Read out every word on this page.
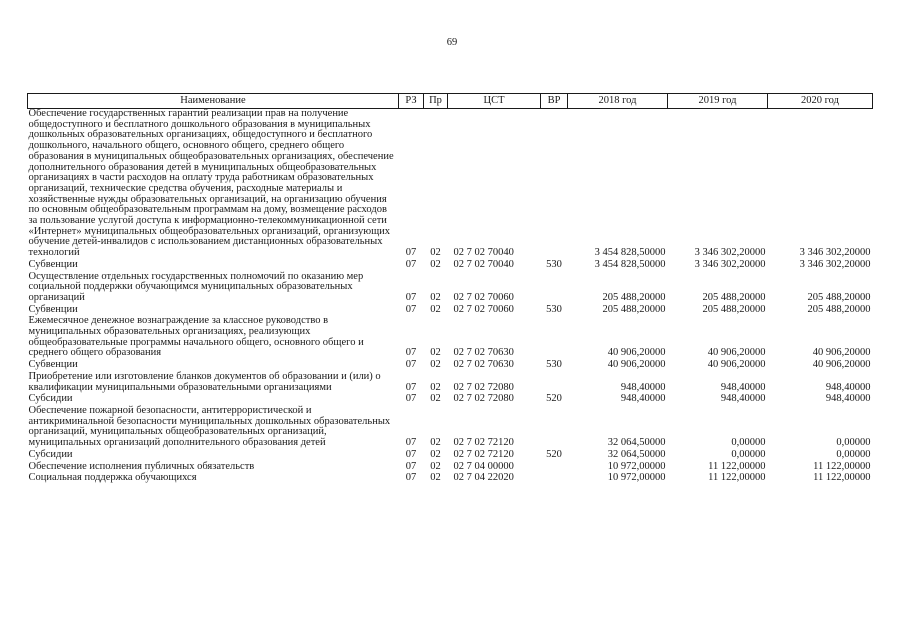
69
Наименование	РЗ	Пр	ЦСТ	ВР	2018 год	2019 год	2020 год
Обеспечение государственных гарантий реализации прав на получение общедоступного и бесплатного дошкольного образования в муниципальных дошкольных образовательных организациях, общедоступного и бесплатного дошкольного, начального общего, основного общего, среднего общего образования в муниципальных общеобразовательных организациях, обеспечение дополнительного образования детей в муниципальных общеобразовательных организациях в части расходов на оплату труда работникам образовательных организаций, технические средства обучения, расходные материалы и хозяйственные нужды образовательных организаций, на организацию обучения по основным общеобразовательным программам на дому, возмещение расходов за пользование услугой доступа к информационно-телекоммуникационной сети «Интернет» муниципальных общеобразовательных организаций, организующих обучение детей-инвалидов с использованием дистанционных образовательных технологий	07	02	02 7 02 70040		3 454 828,50000	3 346 302,20000	3 346 302,20000
Субвенции	07	02	02 7 02 70040	530	3 454 828,50000	3 346 302,20000	3 346 302,20000
Осуществление отдельных государственных полномочий по оказанию мер социальной поддержки обучающимся муниципальных образовательных организаций	07	02	02 7 02 70060		205 488,20000	205 488,20000	205 488,20000
Субвенции	07	02	02 7 02 70060	530	205 488,20000	205 488,20000	205 488,20000
Ежемесячное денежное вознаграждение за классное руководство в муниципальных образовательных организациях, реализующих общеобразовательные программы начального общего, основного общего и среднего общего образования	07	02	02 7 02 70630		40 906,20000	40 906,20000	40 906,20000
Субвенции	07	02	02 7 02 70630	530	40 906,20000	40 906,20000	40 906,20000
Приобретение или изготовление бланков документов об образовании и (или) о квалификации муниципальными образовательными организациями	07	02	02 7 02 72080		948,40000	948,40000	948,40000
Субсидии	07	02	02 7 02 72080	520	948,40000	948,40000	948,40000
Обеспечение пожарной безопасности, антитеррористической и антикриминальной безопасности муниципальных дошкольных образовательных организаций, муниципальных общеобразовательных организаций, муниципальных организаций дополнительного образования детей	07	02	02 7 02 72120		32 064,50000	0,00000	0,00000
Субсидии	07	02	02 7 02 72120	520	32 064,50000	0,00000	0,00000
Обеспечение исполнения публичных обязательств	07	02	02 7 04 00000		10 972,00000	11 122,00000	11 122,00000
Социальная поддержка обучающихся	07	02	02 7 04 22020		10 972,00000	11 122,00000	11 122,00000
